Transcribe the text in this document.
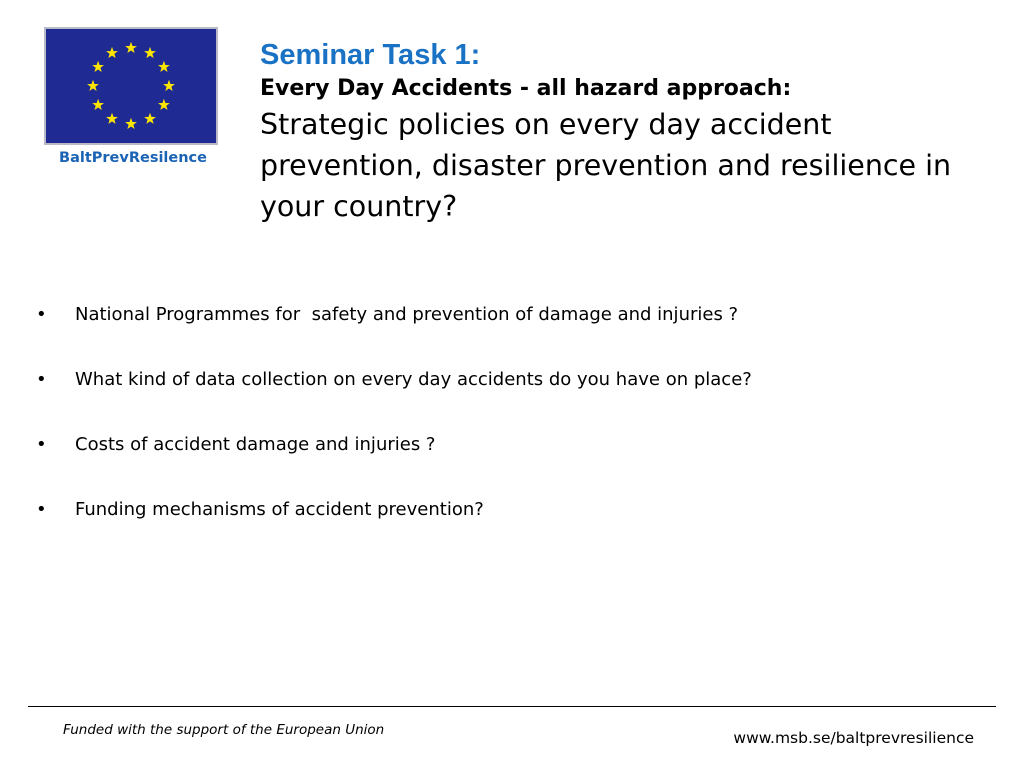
BaltPrevResilence
Seminar Task 1:
Every Day Accidents - all hazard approach:
Strategic policies on every day accident prevention, disaster prevention and resilience in your country?
• National Programmes for  safety and prevention of damage and injuries ?
• What kind of data collection on every day accidents do you have on place?
• Costs of accident damage and injuries ?
• Funding mechanisms of accident prevention?
Funded with the support of the European Union	www.msb.se/baltprevresilience
